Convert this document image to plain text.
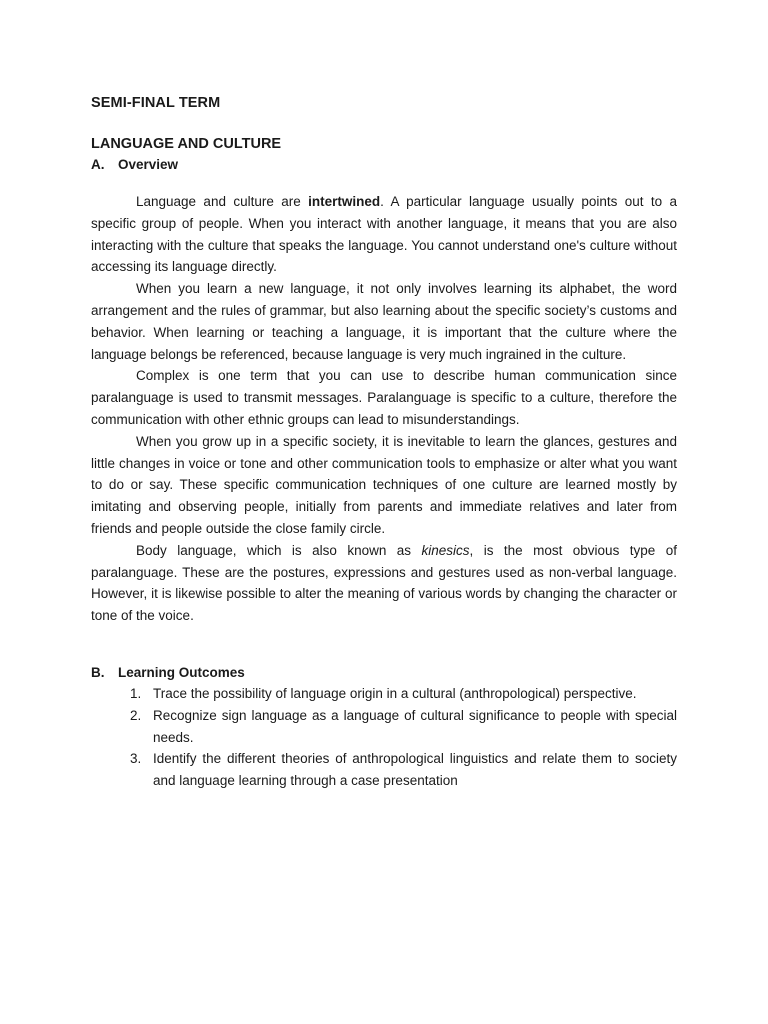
SEMI-FINAL TERM
LANGUAGE AND CULTURE
A. Overview

Language and culture are intertwined. A particular language usually points out to a specific group of people. When you interact with another language, it means that you are also interacting with the culture that speaks the language. You cannot understand one's culture without accessing its language directly.

When you learn a new language, it not only involves learning its alphabet, the word arrangement and the rules of grammar, but also learning about the specific society’s customs and behavior. When learning or teaching a language, it is important that the culture where the language belongs be referenced, because language is very much ingrained in the culture.

Complex is one term that you can use to describe human communication since paralanguage is used to transmit messages. Paralanguage is specific to a culture, therefore the communication with other ethnic groups can lead to misunderstandings.

When you grow up in a specific society, it is inevitable to learn the glances, gestures and little changes in voice or tone and other communication tools to emphasize or alter what you want to do or say. These specific communication techniques of one culture are learned mostly by imitating and observing people, initially from parents and immediate relatives and later from friends and people outside the close family circle.

Body language, which is also known as kinesics, is the most obvious type of paralanguage. These are the postures, expressions and gestures used as non-verbal language. However, it is likewise possible to alter the meaning of various words by changing the character or tone of the voice.

B. Learning Outcomes
1. Trace the possibility of language origin in a cultural (anthropological) perspective.
2. Recognize sign language as a language of cultural significance to people with special needs.
3. Identify the different theories of anthropological linguistics and relate them to society and language learning through a case presentation
